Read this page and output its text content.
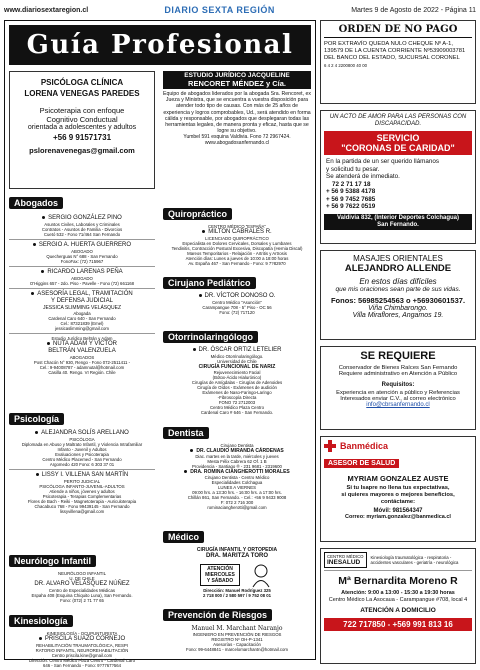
www.diariosextaregion.cl	DIARIO SEXTA REGIÓN	Martes 9 de Agosto de 2022 - Página 11
Guía Profesional
PSICÓLOGA CLÍNICA
LORENA VENEGAS PAREDES
Psicoterapia con enfoque
Cognitivo Conductual
orientada a adolescentes y adultos
+56 9 91571731
pslorenavenegas@gmail.com
Abogados
SERGIO GONZÁLEZ PINO
Asuntos Civiles, Laborales y Criminales
Contratos - Asuntos de Familia - Divorcios
Cuetó 532 - Fono 71/464 San Fernando
SERGIO A. HUERTA GUERRERO
ABOGADO
Quecherguas N° 688 - San Fernando
FonoFax: (72) 715967
RICARDO LARENAS PEÑA
ABOGADO
O'Higgins 657 - 2do. Piso - Pavelle - Fono (72) 661168
ASESORÍA LEGAL, TRAMITACIÓN
Y DEFENSA JUDICIAL
JESSICA SLIMMING VELÁSQUEZ
Abogada
Cardenal Caro 640 - San Fernando
Cel.: 87321839 (Emel)
jessicaslimming@gmail.com
Estudio Jurídico Beltrán y Adam
NUTA ADAM Y VÍCTOR
BELTRÁN VALENZUELA
ABOGADOS
Post Chacón N° 930, Rengo - Fono 072-2511411 -
Cel.: 9-94008787 - adamnutal@hotmail.com
Casilla 40. Rengo. VI Región. Chile
Psicología
ALEJANDRA SOLÍS ARELLANO
PSICÓLOGA
Diplomada en Abuso y Maltrato Infantil, y Violencia Intrafamiliar
Infanto - Juvenil y Adultos
Evaluaciones y Psicoterapia
Centro Médico Placemed - San Fernando
Argomedo 420 Fono: 6 303 37 01
LISSY I. VILLENA SAN MARTÍN
PERITO JUDICIAL
PSICÓLOGA INFANTO-JUVENIL-ADULTOS
Atiende a niños, jóvenes y adultos
Psicoterapia - Terapias Complementarias
Flores de Bach - Reiki - Magnetoterapia - Auriculoterapia
Chacabuco 768 - Fono 99439145 - San Fernando
lissyvillena@gmail.com
Neurólogo Infantil
NEURÓLOGO INFANTIL
U. DE CHILE
DR. ALVARO VELÁSQUEZ NÚÑEZ
Centro de Especialidades Médicas
Espaha 408 (Esquina Chiquito Luna), San Fernando.
Fono: (072) 2 71 77 65
Kinesiología
KINESIOLOGÍA - OCUPUNTURISTA
PRISCILA SUAZO CORNEJO
REHABILITACIÓN TRAUMATOLÓGICA, RESPI
RATORIO INFANTIL, NEUROREHABILITACIÓN
Centro priscila.kine@gmail.com
Dirección: Centro Médico Plaza Centro - Cardenal Caro
646 - San Fernando - Fono: 9?7767?564
ESTUDIO JURÍDICO JACQUELINE
RENCORET MÉNDEZ y Cía.
Equipo de abogados liderados por la abogada Sra. Rencoret, ex Jueza y Ministra, que se encuentra a vuestra disposición para atender todo tipo de causas. Con más de 25 años de experiencia y logros comprobables, Ud., será atendido en forma cálida y responsable, por abogados que desplegaran todas las herramientas legales, de manera pronta y eficaz, hasta que se logre su objetivo.
Yumbel 591 esquina Valdivia. Fono 72 2967424.
www.abogadosanfernando.cl
Quiropráctico
CENTRO MÉDICO "ESPAÑA"
MILTON CABRALES R.
LICENCIADO QUIROPRÁCTICO
Especialista en Dolores Cervicales, Dorsales y Lumbares
Tendinitis, Contracción Postural Excesiva, Discopatía (Hernia Discal)
Mareos Temporitarios - Relajación - Artritis y Artrosis
Atención días: Lunes a jueves de 10:00 a 18:00 horas
Av. España 467 - San Fernando - Fono: 9 7?82970
Cirujano Pediátrico
DR. VÍCTOR DONOSO O.
Centro Médico "Asunción"
Carampangue 708 - 5° Piso - OC 56
Fono: (72) 717120
Otorrinolaringólogo
DR. ÓSCAR ORTIZ LETELIER
Médico Otorrinolaringólogo.
Universidad de Chile
CIRUGÍA FUNCIONAL DE NARIZ
Rejuvenecimiento Facial
(Bótox-Ácido Hialurónico)
Cirugías de Amígdalas - Cirugías de Adenoides
Cirugía de Oídos - Exámenes de audición
Exámenes de Naso-Faringo-Laringo
-Fibroscopía Directa
FONO 72 2712003
Centro Médico Plaza Centro
Cardenal Caro # 646 - San Fernando.
Dentista
Cirujano Dentista
DR. CLAUDIO MIRANDA CÁRDENAS
Diac. martes en la tarde, miércoles y jueves
Mesta Félix Cabrera 62 Of. 1 B
Providencia - Santiago ® - 231 9681 - 2319600
DRA. ROMINA CIANGHEROTTI MORALES
Cirujano Dentista - Centro Médico
Especialidades Colchagua
LUNES A VIERNES
09:00 hrs. a 13:30 hrs. - 16:00 hrs. a 17:00 hrs.
Chillán 861, San Fernando. - Cel.: +56 9 9433 9008
F: 072 2 716 300
rominaciangherotti@gmail.com
Médico
CIRUGÍA INFANTIL Y ORTOPEDIA
DRA. MARITZA TORO
ATENCIÓN
MIERCOLES
Y SÁBADO
Dirección: Manuel Rodríguez 325
2 718 000 / 2 580 597 / 9 752 08 01
Prevención de Riesgos
Manuel M. Marchant Naranjo
INGENIERO EN PREVENCIÓN DE RIESGOS
REGISTRO Nº OH-P-1341
Asesorías - Capacitación
Fono: 99-6448841 - marcelomarchantn@hotmail.com
ORDEN DE NO PAGO
POR EXTRAVÍO QUEDA NULO CHEQUE Nº A-1, 139579 DE LA CUENTA CORRIENTE Nº53909003781 DEL BANCO DEL ESTADO, SUCURSAL CORONEL
6 4 2 4 2200800 40 00
UN ACTO DE AMOR PARA LAS PERSONAS CON DISCAPACIDAD.
SERVICIO
"CORONAS DE CARIDAD"
En la partida de un ser querido llámanos
y solicitud tu pesar.
Se atenderá de inmediato.
72 2 71 17 18
+ 56 9 5388 4178
+ 56 9 7452 7685
+ 56 9 7622 0519
Valdivia 832, (Interior Deportes Colchagua)
San Fernando.
MASAJES ORIENTALES
ALEJANDRO ALLENDE
En estos días difíciles
que mis oraciones sean parte de sus vidas.
Fonos: 56985254563 o +56930601537.
Viña Chimbarongo.
Villa Miraflores, Angamos 19.
SE REQUIERE
Conservador de Bienes Raíces San Fernando
Requiere administrativo en Atención a Público
Requisitos:
Experiencia en atención a público y Referencias
Interesados enviar C.V., al correo electrónico
info@cbrsanfernando.cl
Banmédica
ASESOR DE SALUD
MYRIAM GONZALEZ AUSTE
Si tu Isapre no llena tus expectativas,
si quieres mayores o mejores beneficios,
contáctame:
Móvil: 981564347
Correo: myriam.gonzalez@banmedica.cl
CENTRO MÉDICO
INESALUD
Kinesiología traumatológica - respiratoria - accidentes vasculares - geriatría - neurológica
Mª Bernardita Moreno R
Atención: 9:00 a 13:00 - 15:30 a 19:30 horas
Centro Médico La Asocaua - Carampangue #708, local 4
ATENCIÓN A DOMICILIO
722 717850 - +569 991 813 16
